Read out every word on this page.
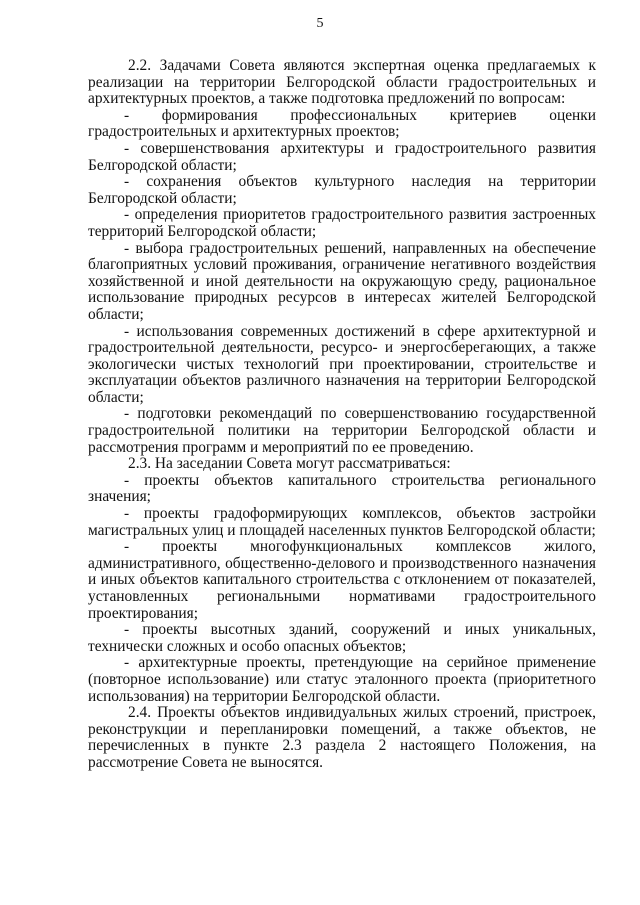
5

2.2. Задачами Совета являются экспертная оценка предлагаемых к реализации на территории Белгородской области градостроительных и архитектурных проектов, а также подготовка предложений по вопросам:

- формирования профессиональных критериев оценки градостроительных и архитектурных проектов;

- совершенствования архитектуры и градостроительного развития Белгородской области;

- сохранения объектов культурного наследия на территории Белгородской области;

- определения приоритетов градостроительного развития застроенных территорий Белгородской области;

- выбора градостроительных решений, направленных на обеспечение благоприятных условий проживания, ограничение негативного воздействия хозяйственной и иной деятельности на окружающую среду, рациональное использование природных ресурсов в интересах жителей Белгородской области;

- использования современных достижений в сфере архитектурной и градостроительной деятельности, ресурсо- и энергосберегающих, а также экологически чистых технологий при проектировании, строительстве и эксплуатации объектов различного назначения на территории Белгородской области;

- подготовки рекомендаций по совершенствованию государственной градостроительной политики на территории Белгородской области и рассмотрения программ и мероприятий по ее проведению.

2.3. На заседании Совета могут рассматриваться:

- проекты объектов капитального строительства регионального значения;

- проекты градоформирующих комплексов, объектов застройки магистральных улиц и площадей населенных пунктов Белгородской области;

- проекты многофункциональных комплексов жилого, административного, общественно-делового и производственного назначения и иных объектов капитального строительства с отклонением от показателей, установленных региональными нормативами градостроительного проектирования;

- проекты высотных зданий, сооружений и иных уникальных, технически сложных и особо опасных объектов;

- архитектурные проекты, претендующие на серийное применение (повторное использование) или статус эталонного проекта (приоритетного использования) на территории Белгородской области.

2.4. Проекты объектов индивидуальных жилых строений, пристроек, реконструкции и перепланировки помещений, а также объектов, не перечисленных в пункте 2.3 раздела 2 настоящего Положения, на рассмотрение Совета не выносятся.
